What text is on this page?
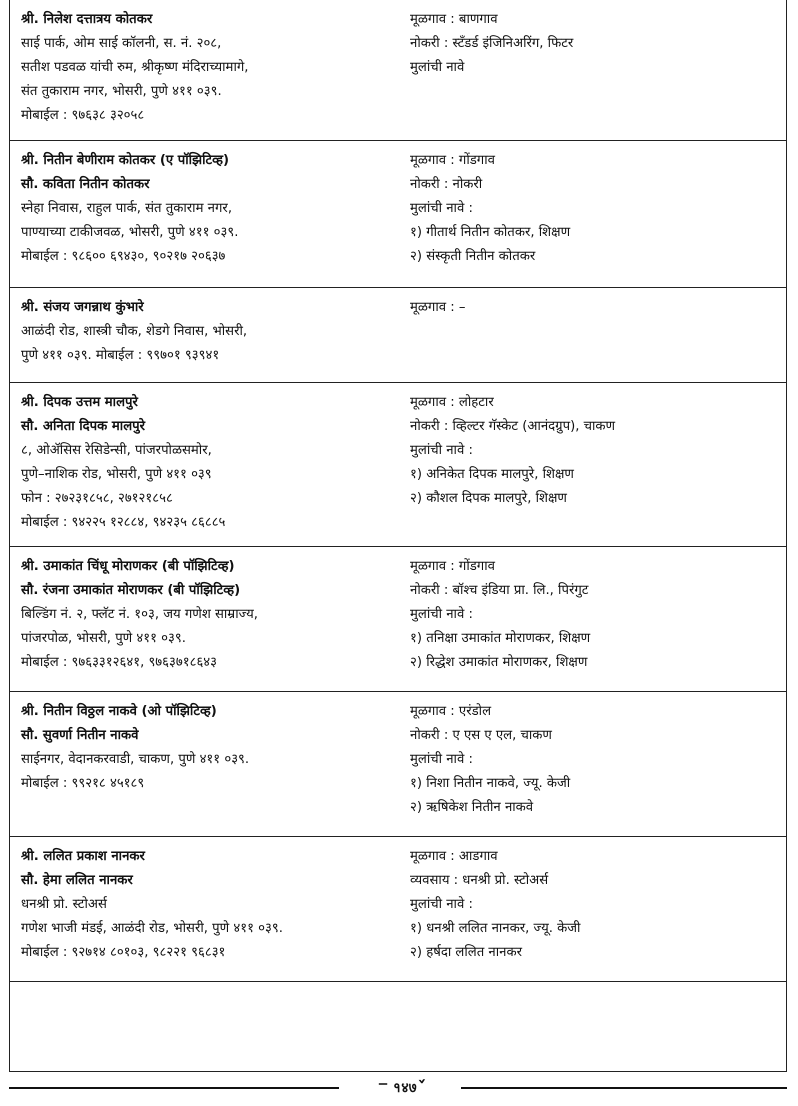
श्री. निलेश दत्तात्रय कोतकर
साई पार्क, ओम साई कॉलनी, स. नं. २०८,
सतीश पडवळ यांची रुम, श्रीकृष्ण मंदिराच्यामागे,
संत तुकाराम नगर, भोसरी, पुणे ४११ ०३९.
मोबाईल : ९७६३८ ३२०५८
मूळगाव : बाणगाव
नोकरी : स्टँडर्ड इंजिनिअरिंग, फिटर
मुलांची नावे
श्री. नितीन बेणीराम कोतकर (ए पॉझिटिव्ह)
सौ. कविता नितीन कोतकर
स्नेहा निवास, राहुल पार्क, संत तुकाराम नगर,
पाण्याच्या टाकीजवळ, भोसरी, पुणे ४११ ०३९.
मोबाईल : ९८६०० ६९४३०, ९०२१७ २०६३७
मूळगाव : गोंडगाव
नोकरी : नोकरी
मुलांची नावे :
१) गीतार्थ नितीन कोतकर, शिक्षण
२) संस्कृती नितीन कोतकर
श्री. संजय जगन्नाथ कुंभारे
आळंदी रोड, शास्त्री चौक, शेडगे निवास, भोसरी,
पुणे ४११ ०३९. मोबाईल : ९९७०१ ९३९४१
मूळगाव : –
श्री. दिपक उत्तम मालपुरे
सौ. अनिता दिपक मालपुरे
८, ओॲसिस रेसिडेन्सी, पांजरपोळसमोर,
पुणे–नाशिक रोड, भोसरी, पुणे ४११ ०३९
फोन : २७२३१८५८, २७१२१८५८
मोबाईल : ९४२२५ १२८८४, ९४२३५ ८६८८५
मूळगाव : लोहटार
नोकरी : व्हिल्टर गॅस्केट (आनंदग्रुप), चाकण
मुलांची नावे :
१) अनिकेत दिपक मालपुरे, शिक्षण
२) कौशल दिपक मालपुरे, शिक्षण
श्री. उमाकांत चिंधू मोराणकर (बी पॉझिटिव्ह)
सौ. रंजना उमाकांत मोराणकर (बी पॉझिटिव्ह)
बिल्डिंग नं. २, फ्लॅट नं. १०३, जय गणेश साम्राज्य,
पांजरपोळ, भोसरी, पुणे ४११ ०३९.
मोबाईल : ९७६३३१२६४१, ९७६३७१८६४३
मूळगाव : गोंडगाव
नोकरी : बॉश्च इंडिया प्रा. लि., पिरंगुट
मुलांची नावे :
१) तनिक्षा उमाकांत मोराणकर, शिक्षण
२) रिद्धेश उमाकांत मोराणकर, शिक्षण
श्री. नितीन विठ्ठल नाकवे (ओ पॉझिटिव्ह)
सौ. सुवर्णा नितीन नाकवे
साईनगर, वेदानकरवाडी, चाकण, पुणे ४११ ०३९.
मोबाईल : ९९२१८ ४५१८९
मूळगाव : एरंडोल
नोकरी : ए एस ए एल, चाकण
मुलांची नावे :
१) निशा नितीन नाकवे, ज्यू. केजी
२) ऋषिकेश नितीन नाकवे
श्री. ललित प्रकाश नानकर
सौ. हेमा ललित नानकर
धनश्री प्रो. स्टोअर्स
गणेश भाजी मंडई, आळंदी रोड, भोसरी, पुणे ४११ ०३९.
मोबाईल : ९२७१४ ८०१०३, ९८२२१ ९६८३१
मूळगाव : आडगाव
व्यवसाय : धनश्री प्रो. स्टोअर्स
मुलांची नावे :
१) धनश्री ललित नानकर, ज्यू. केजी
२) हर्षदा ललित नानकर
ꣻ १४७ ꣺
